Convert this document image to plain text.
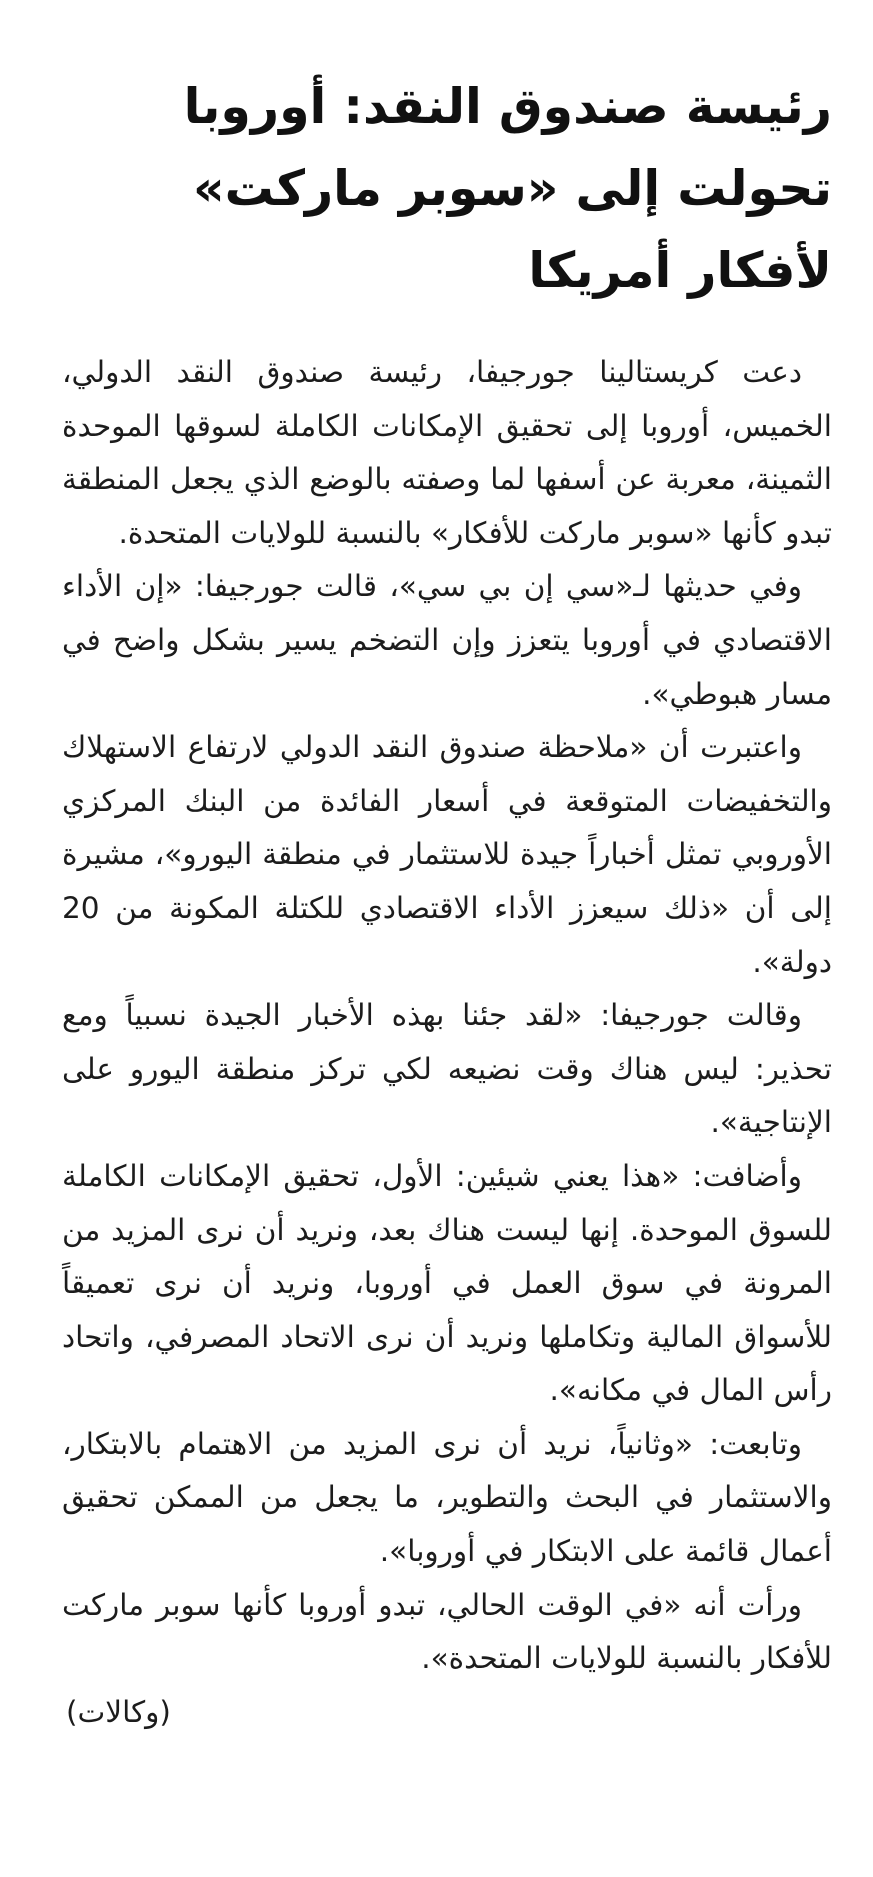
رئيسة صندوق النقد: أوروبا تحولت إلى «سوبر ماركت» لأفكار أمريكا

دعت كريستالينا جورجيفا، رئيسة صندوق النقد الدولي، الخميس، أوروبا إلى تحقيق الإمكانات الكاملة لسوقها الموحدة الثمينة، معربة عن أسفها لما وصفته بالوضع الذي يجعل المنطقة تبدو كأنها «سوبر ماركت للأفكار» بالنسبة للولايات المتحدة.

وفي حديثها لـ«سي إن بي سي»، قالت جورجيفا: «إن الأداء الاقتصادي في أوروبا يتعزز وإن التضخم يسير بشكل واضح في مسار هبوطي».

واعتبرت أن «ملاحظة صندوق النقد الدولي لارتفاع الاستهلاك والتخفيضات المتوقعة في أسعار الفائدة من البنك المركزي الأوروبي تمثل أخباراً جيدة للاستثمار في منطقة اليورو»، مشيرة إلى أن «ذلك سيعزز الأداء الاقتصادي للكتلة المكونة من 20 دولة».

وقالت جورجيفا: «لقد جئنا بهذه الأخبار الجيدة نسبياً ومع تحذير: ليس هناك وقت نضيعه لكي تركز منطقة اليورو على الإنتاجية».

وأضافت: «هذا يعني شيئين: الأول، تحقيق الإمكانات الكاملة للسوق الموحدة. إنها ليست هناك بعد، ونريد أن نرى المزيد من المرونة في سوق العمل في أوروبا، ونريد أن نرى تعميقاً للأسواق المالية وتكاملها ونريد أن نرى الاتحاد المصرفي، واتحاد رأس المال في مكانه».

وتابعت: «وثانياً، نريد أن نرى المزيد من الاهتمام بالابتكار، والاستثمار في البحث والتطوير، ما يجعل من الممكن تحقيق أعمال قائمة على الابتكار في أوروبا».

ورأت أنه «في الوقت الحالي، تبدو أوروبا كأنها سوبر ماركت للأفكار بالنسبة للولايات المتحدة».

(وكالات)
